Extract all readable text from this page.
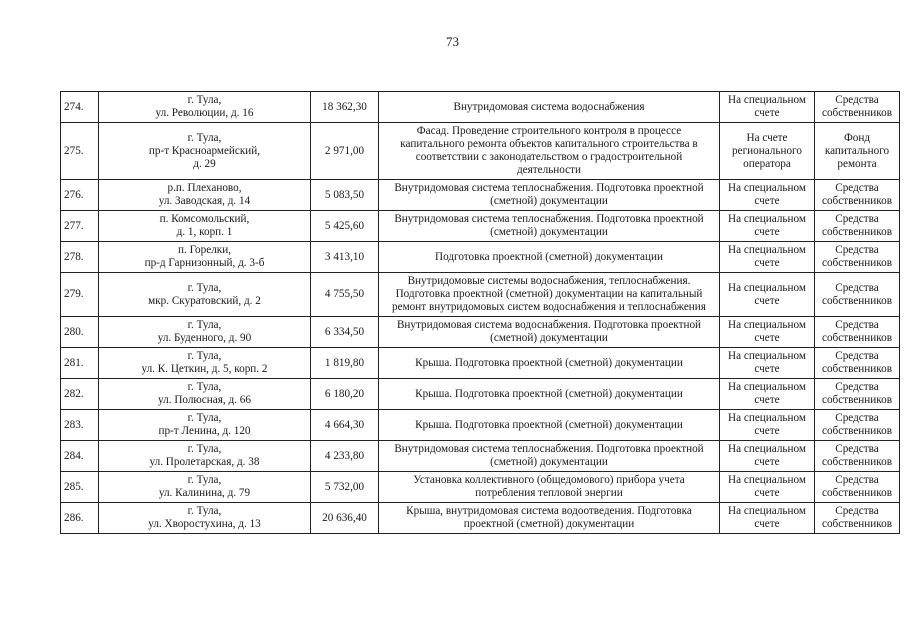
73
274.	г. Тула,
ул. Революции, д. 16	18 362,30	Внутридомовая система водоснабжения	На специальном
счете	Средства
собственников

275.	г. Тула,
пр-т Красноармейский,
д. 29	2 971,00	Фасад. Проведение строительного контроля в процессе
капитального ремонта объектов капитального строительства в
соответствии с законодательством о градостроительной
деятельности	На счете
регионального
оператора	Фонд
капитального
ремонта

276.	р.п. Плеханово,
ул. Заводская, д. 14	5 083,50	Внутридомовая система теплоснабжения. Подготовка проектной
(сметной) документации	На специальном
счете	Средства
собственников

277.	п. Комсомольский,
д. 1, корп. 1	5 425,60	Внутридомовая система теплоснабжения. Подготовка проектной
(сметной) документации	На специальном
счете	Средства
собственников

278.	п. Горелки,
пр-д Гарнизонный, д. 3-б	3 413,10	Подготовка проектной (сметной) документации	На специальном
счете	Средства
собственников

279.	г. Тула,
мкр. Скуратовский, д. 2	4 755,50	Внутридомовые системы водоснабжения, теплоснабжения.
Подготовка проектной (сметной) документации на капитальный
ремонт внутридомовых систем водоснабжения и теплоснабжения	На специальном
счете	Средства
собственников

280.	г. Тула,
ул. Буденного, д. 90	6 334,50	Внутридомовая система водоснабжения. Подготовка проектной
(сметной) документации	На специальном
счете	Средства
собственников

281.	г. Тула,
ул. К. Цеткин, д. 5, корп. 2	1 819,80	Крыша. Подготовка проектной (сметной) документации	На специальном
счете	Средства
собственников

282.	г. Тула,
ул. Полюсная, д. 66	6 180,20	Крыша. Подготовка проектной (сметной) документации	На специальном
счете	Средства
собственников

283.	г. Тула,
пр-т Ленина, д. 120	4 664,30	Крыша. Подготовка проектной (сметной) документации	На специальном
счете	Средства
собственников

284.	г. Тула,
ул. Пролетарская, д. 38	4 233,80	Внутридомовая система теплоснабжения. Подготовка проектной
(сметной) документации	На специальном
счете	Средства
собственников

285.	г. Тула,
ул. Калинина, д. 79	5 732,00	Установка коллективного (общедомового) прибора учета
потребления тепловой энергии	На специальном
счете	Средства
собственников

286.	г. Тула,
ул. Хворостухина, д. 13	20 636,40	Крыша, внутридомовая система водоотведения. Подготовка
проектной (сметной) документации	На специальном
счете	Средства
собственников
